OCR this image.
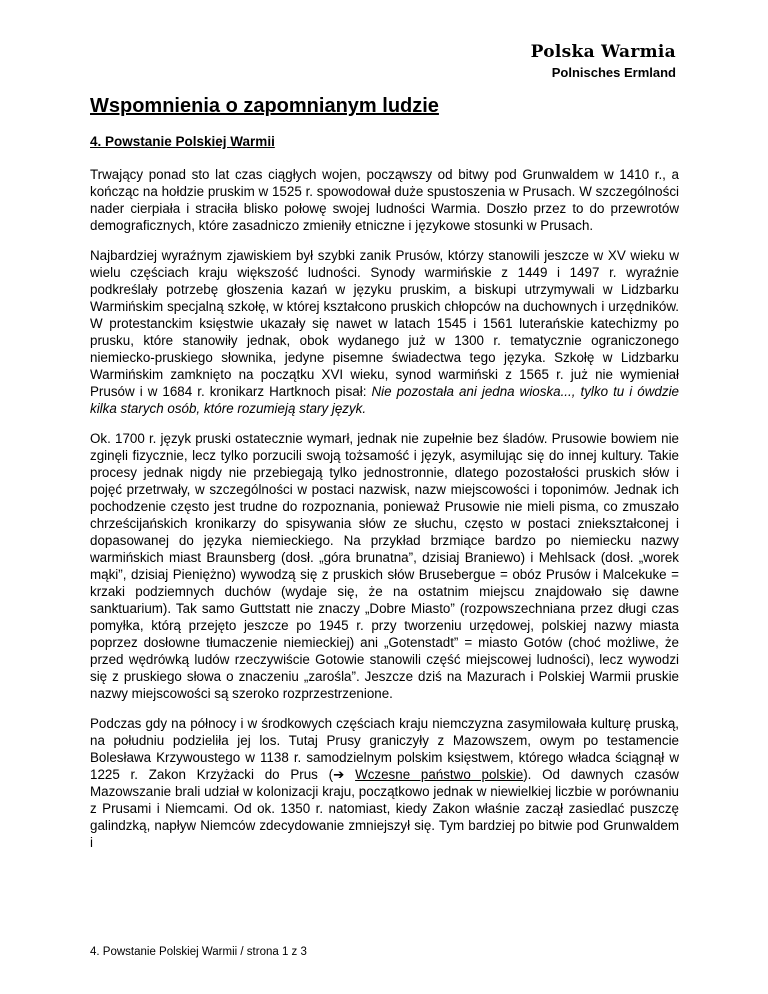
Polska Warmia
Polnisches Ermland
Wspomnienia o zapomnianym ludzie
4. Powstanie Polskiej Warmii

Trwający ponad sto lat czas ciągłych wojen, począwszy od bitwy pod Grunwaldem w 1410 r., a kończąc na hołdzie pruskim w 1525 r. spowodował duże spustoszenia w Prusach. W szczególności nader cierpiała i straciła blisko połowę swojej ludności Warmia. Doszło przez to do przewrotów demograficznych, które zasadniczo zmieniły etniczne i językowe stosunki w Prusach.

Najbardziej wyraźnym zjawiskiem był szybki zanik Prusów, którzy stanowili jeszcze w XV wieku w wielu częściach kraju większość ludności. Synody warmińskie z 1449 i 1497 r. wyraźnie podkreślały potrzebę głoszenia kazań w języku pruskim, a biskupi utrzymywali w Lidzbarku Warmińskim specjalną szkołę, w której kształcono pruskich chłopców na duchownych i urzędników. W protestanckim księstwie ukazały się nawet w latach 1545 i 1561 luterańskie katechizmy po prusku, które stanowiły jednak, obok wydanego już w 1300 r. tematycznie ograniczonego niemiecko-pruskiego słownika, jedyne pisemne świadectwa tego języka. Szkołę w Lidzbarku Warmińskim zamknięto na początku XVI wieku, synod warmiński z 1565 r. już nie wymieniał Prusów i w 1684 r. kronikarz Hartknoch pisał: Nie pozostała ani jedna wioska..., tylko tu i ówdzie kilka starych osób, które rozumieją stary język.

Ok. 1700 r. język pruski ostatecznie wymarł, jednak nie zupełnie bez śladów. Prusowie bowiem nie zginęli fizycznie, lecz tylko porzucili swoją tożsamość i język, asymilując się do innej kultury. Takie procesy jednak nigdy nie przebiegają tylko jednostronnie, dlatego pozostałości pruskich słów i pojęć przetrwały, w szczególności w postaci nazwisk, nazw miejscowości i toponimów. Jednak ich pochodzenie często jest trudne do rozpoznania, ponieważ Prusowie nie mieli pisma, co zmuszało chrześcijańskich kronikarzy do spisywania słów ze słuchu, często w postaci zniekształconej i dopasowanej do języka niemieckiego. Na przykład brzmiące bardzo po niemiecku nazwy warmińskich miast Braunsberg (dosł. „góra brunatna”, dzisiaj Braniewo) i Mehlsack (dosł. „worek mąki”, dzisiaj Pieniężno) wywodzą się z pruskich słów Brusebergue = obóz Prusów i Malcekuke = krzaki podziemnych duchów (wydaje się, że na ostatnim miejscu znajdowało się dawne sanktuarium). Tak samo Guttstatt nie znaczy „Dobre Miasto” (rozpowszechniana przez długi czas pomyłka, którą przejęto jeszcze po 1945 r. przy tworzeniu urzędowej, polskiej nazwy miasta poprzez dosłowne tłumaczenie niemieckiej) ani „Gotenstadt” = miasto Gotów (choć możliwe, że przed wędrówką ludów rzeczywiście Gotowie stanowili część miejscowej ludności), lecz wywodzi się z pruskiego słowa o znaczeniu „zarośla”. Jeszcze dziś na Mazurach i Polskiej Warmii pruskie nazwy miejscowości są szeroko rozprzestrzenione.

Podczas gdy na północy i w środkowych częściach kraju niemczyzna zasymilowała kulturę pruską, na południu podzieliła jej los. Tutaj Prusy graniczyły z Mazowszem, owym po testamencie Bolesława Krzywoustego w 1138 r. samodzielnym polskim księstwem, którego władca ściągnął w 1225 r. Zakon Krzyżacki do Prus (➔ Wczesne państwo polskie). Od dawnych czasów Mazowszanie brali udział w kolonizacji kraju, początkowo jednak w niewielkiej liczbie w porównaniu z Prusami i Niemcami. Od ok. 1350 r. natomiast, kiedy Zakon właśnie zaczął zasiedlać puszczę galindzką, napływ Niemców zdecydowanie zmniejszył się. Tym bardziej po bitwie pod Grunwaldem i

4. Powstanie Polskiej Warmii / strona 1 z 3
